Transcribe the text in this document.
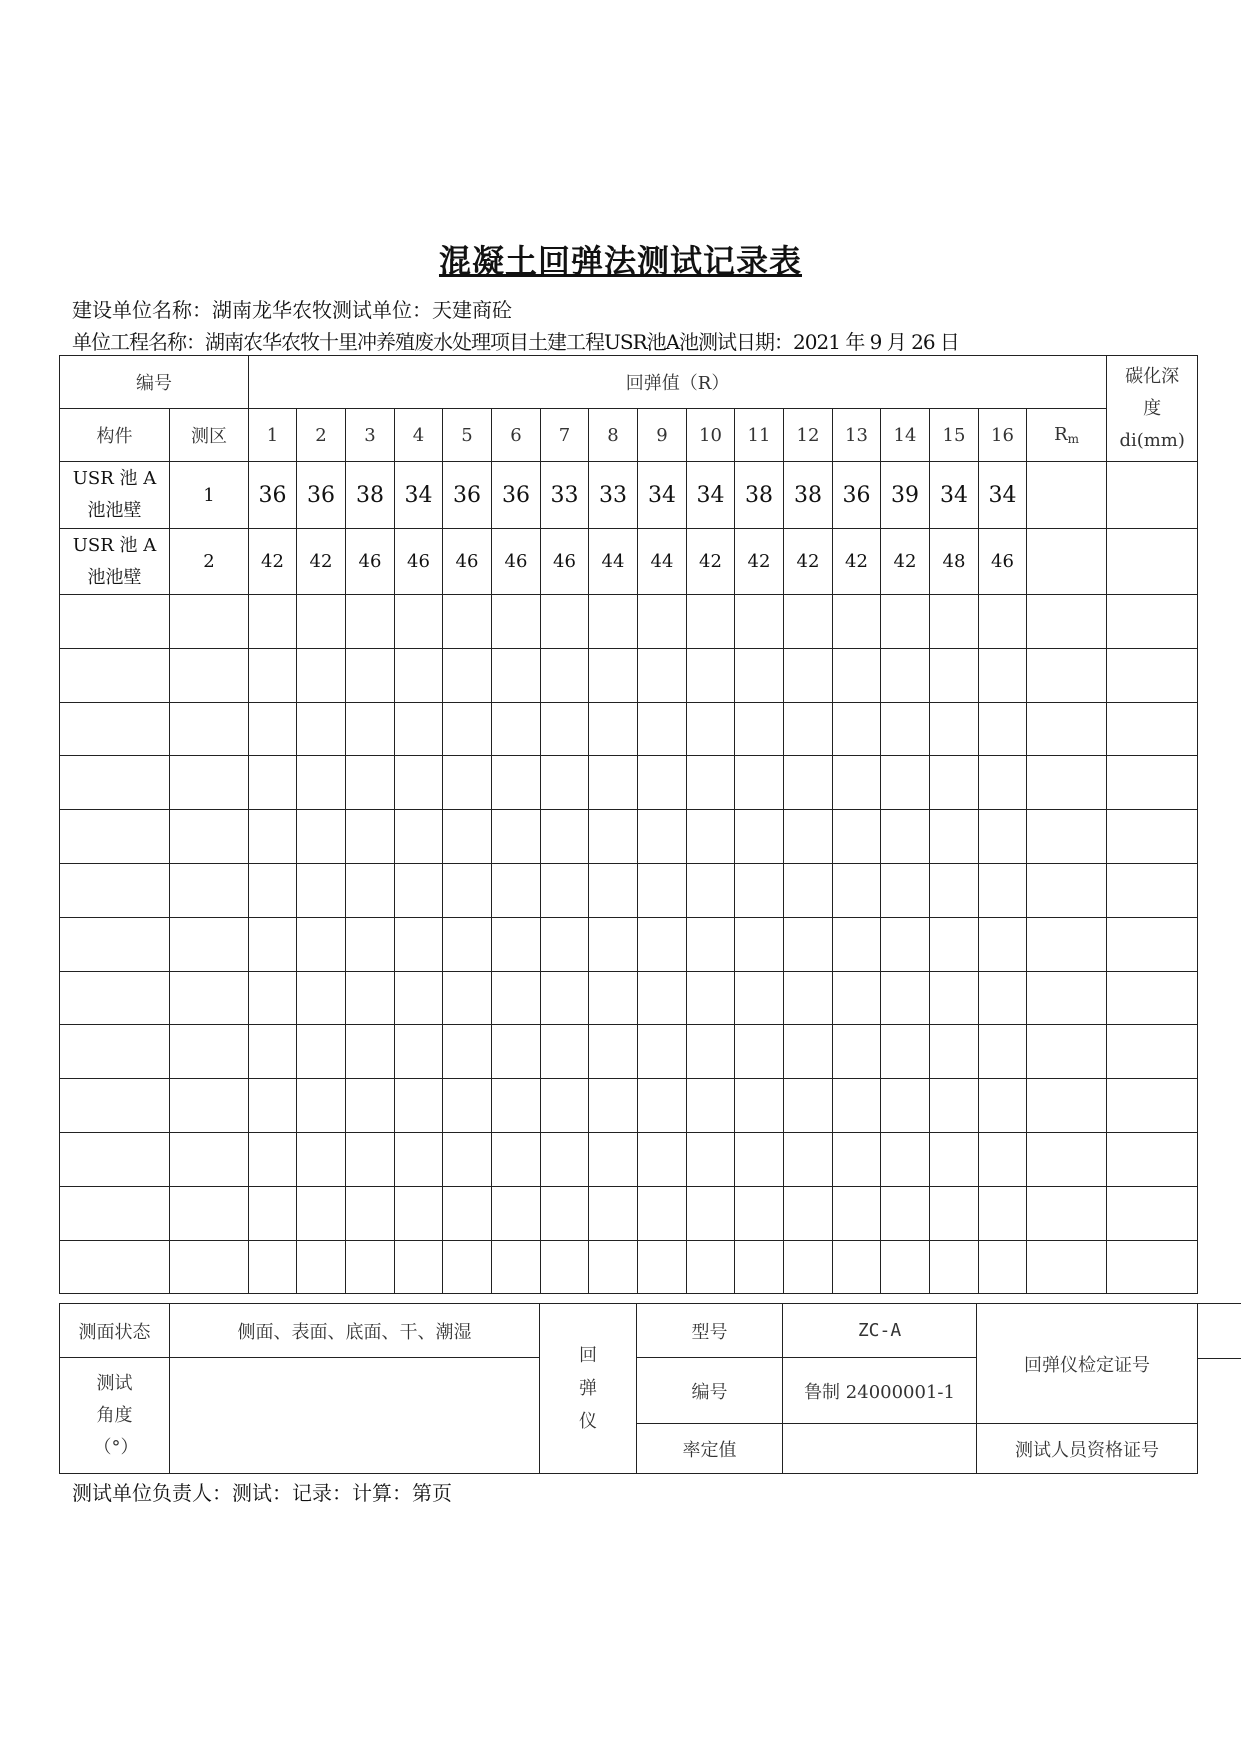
混凝土回弹法测试记录表
建设单位名称：湖南龙华农牧测试单位：天建商砼
单位工程名称：湖南农华农牧十里冲养殖废水处理项目土建工程USR池A池测试日期：2021 年 9 月 26 日
编号		回弹值（R）																	碳化深度
di(mm)

构件	测区	1	2	3	4	5	6	7	8	9	10	11	12	13	14	15	16	Rm	
USR 池 A 池池壁	1	36	36	38	34	36	36	33	33	34	34	38	38	36	39	34	34		
USR 池 A 池池壁	2	42	42	46	46	46	46	46	44	44	42	42	42	42	42	48	46		

测面状态	侧面、表面、底面、干、潮湿	回弹仪	型号	ZC-A	回弹仪检定证号

测试角度（°）			编号	鲁制 24000001-1	
			率定值		测试人员资格证号
测试单位负责人：测试：记录：计算：第页
